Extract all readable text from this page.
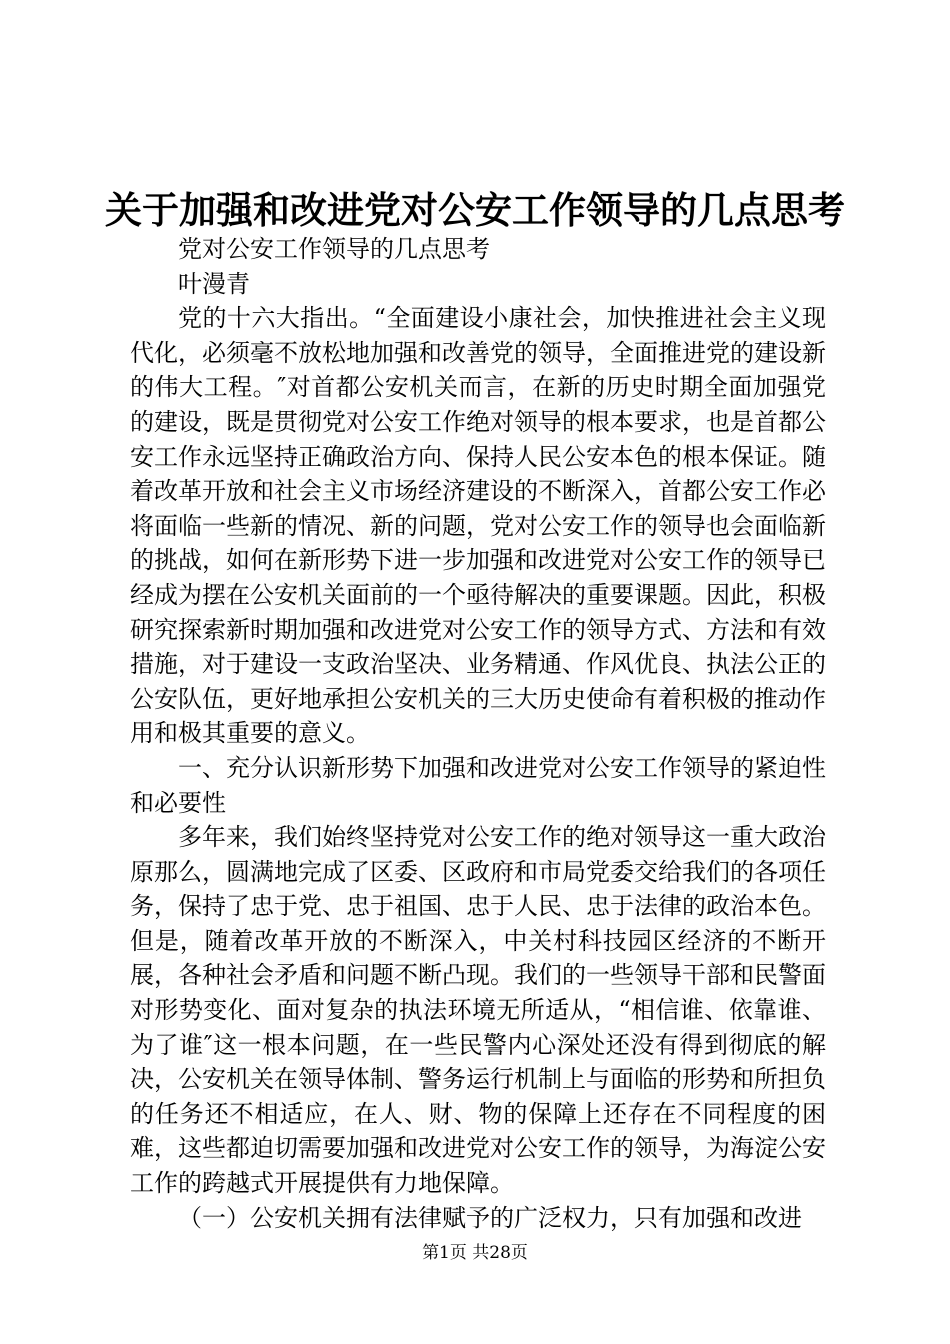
关于加强和改进党对公安工作领导的几点思考

党对公安工作领导的几点思考

叶漫青

党的十六大指出。“全面建设小康社会，加快推进社会主义现代化，必须毫不放松地加强和改善党的领导，全面推进党的建设新的伟大工程。″对首都公安机关而言，在新的历史时期全面加强党的建设，既是贯彻党对公安工作绝对领导的根本要求，也是首都公安工作永远坚持正确政治方向、保持人民公安本色的根本保证。随着改革开放和社会主义市场经济建设的不断深入，首都公安工作必将面临一些新的情况、新的问题，党对公安工作的领导也会面临新的挑战，如何在新形势下进一步加强和改进党对公安工作的领导已经成为摆在公安机关面前的一个亟待解决的重要课题。因此，积极研究探索新时期加强和改进党对公安工作的领导方式、方法和有效措施，对于建设一支政治坚决、业务精通、作风优良、执法公正的公安队伍，更好地承担公安机关的三大历史使命有着积极的推动作用和极其重要的意义。

一、充分认识新形势下加强和改进党对公安工作领导的紧迫性和必要性

多年来，我们始终坚持党对公安工作的绝对领导这一重大政治原那么，圆满地完成了区委、区政府和市局党委交给我们的各项任务，保持了忠于党、忠于祖国、忠于人民、忠于法律的政治本色。但是，随着改革开放的不断深入，中关村科技园区经济的不断开展，各种社会矛盾和问题不断凸现。我们的一些领导干部和民警面对形势变化、面对复杂的执法环境无所适从，“相信谁、依靠谁、为了谁″这一根本问题，在一些民警内心深处还没有得到彻底的解决，公安机关在领导体制、警务运行机制上与面临的形势和所担负的任务还不相适应，在人、财、物的保障上还存在不同程度的困难，这些都迫切需要加强和改进党对公安工作的领导，为海淀公安工作的跨越式开展提供有力地保障。

（一）公安机关拥有法律赋予的广泛权力，只有加强和改进

第1页 共28页
